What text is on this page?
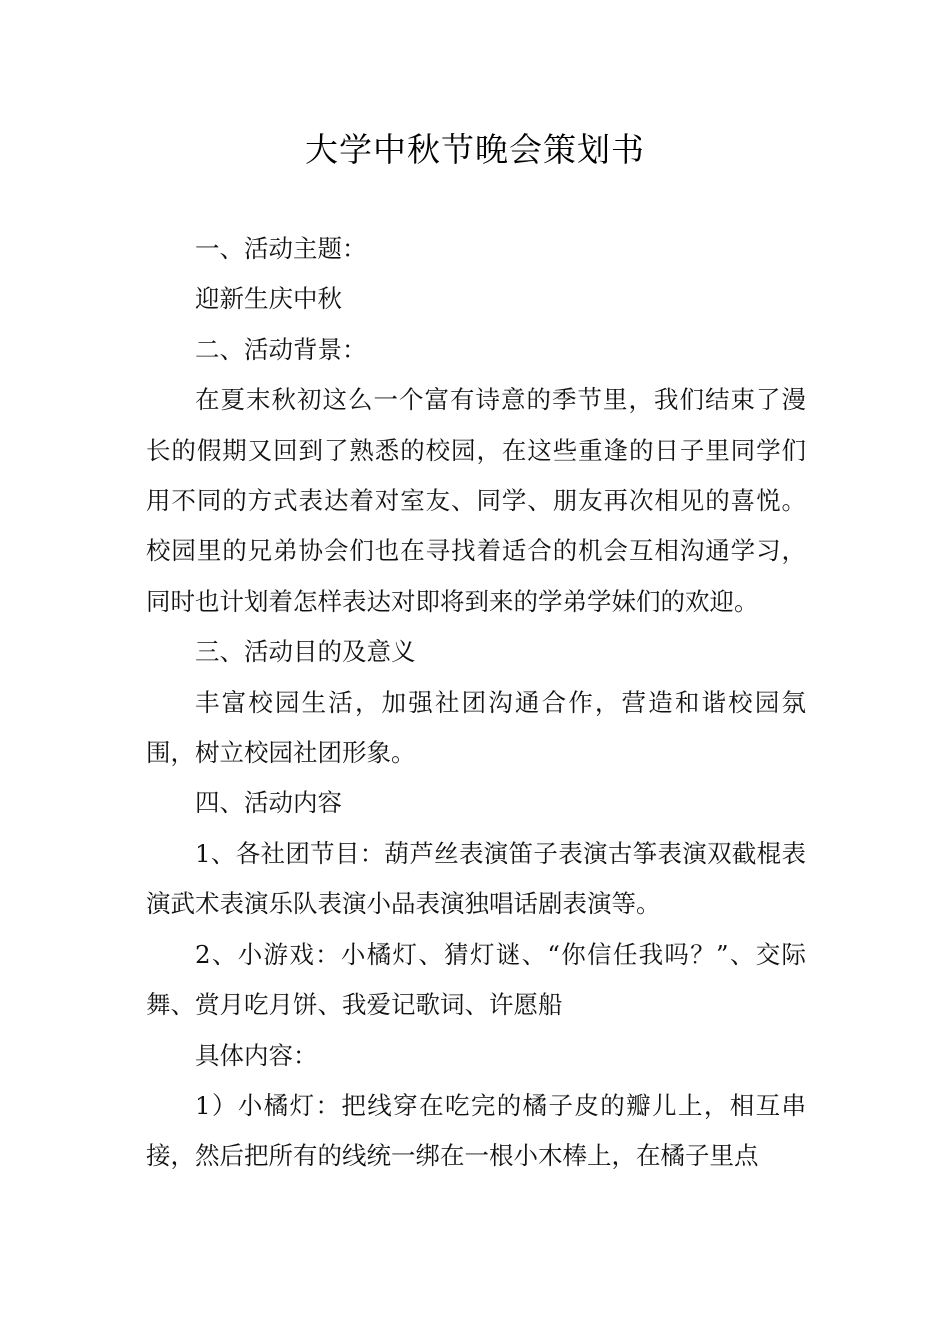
大学中秋节晚会策划书

一、活动主题：

迎新生庆中秋

二、活动背景：

在夏末秋初这么一个富有诗意的季节里，我们结束了漫长的假期又回到了熟悉的校园，在这些重逢的日子里同学们用不同的方式表达着对室友、同学、朋友再次相见的喜悦。校园里的兄弟协会们也在寻找着适合的机会互相沟通学习，同时也计划着怎样表达对即将到来的学弟学妹们的欢迎。

三、活动目的及意义

丰富校园生活，加强社团沟通合作，营造和谐校园氛围，树立校园社团形象。

四、活动内容

1、各社团节目：葫芦丝表演笛子表演古筝表演双截棍表演武术表演乐队表演小品表演独唱话剧表演等。

2、小游戏：小橘灯、猜灯谜、“你信任我吗？”、交际舞、赏月吃月饼、我爱记歌词、许愿船

具体内容：

1）小橘灯：把线穿在吃完的橘子皮的瓣儿上，相互串接，然后把所有的线统一绑在一根小木棒上，在橘子里点
